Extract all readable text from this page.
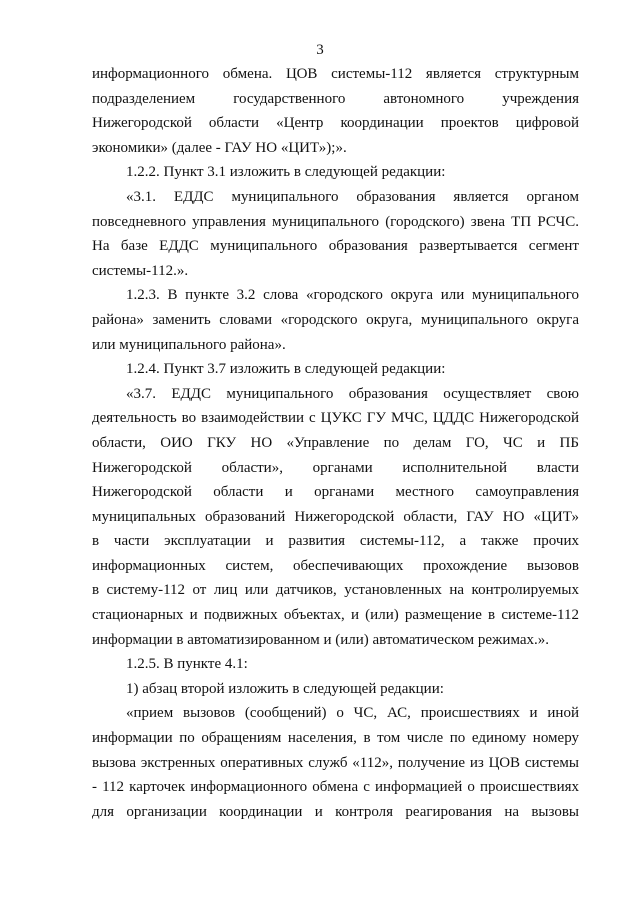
3
информационного обмена. ЦОВ системы-112 является структурным
подразделением государственного автономного учреждения
Нижегородской области «Центр координации проектов цифровой
экономики» (далее - ГАУ НО «ЦИТ»);».
1.2.2. Пункт 3.1 изложить в следующей редакции:
«3.1. ЕДДС муниципального образования является органом
повседневного управления муниципального (городского) звена ТП РСЧС.
На базе ЕДДС муниципального образования развертывается сегмент
системы-112.».
1.2.3. В пункте 3.2 слова «городского округа или муниципального
района» заменить словами «городского округа, муниципального округа
или муниципального района».
1.2.4. Пункт 3.7 изложить в следующей редакции:
«3.7. ЕДДС муниципального образования осуществляет свою
деятельность во взаимодействии с ЦУКС ГУ МЧС, ЦДДС Нижегородской
области, ОИО ГКУ НО «Управление по делам ГО, ЧС и ПБ
Нижегородской области», органами исполнительной власти
Нижегородской области и органами местного самоуправления
муниципальных образований Нижегородской области, ГАУ НО «ЦИТ»
в части эксплуатации и развития системы-112, а также прочих
информационных систем, обеспечивающих прохождение вызовов
в систему-112 от лиц или датчиков, установленных на контролируемых
стационарных и подвижных объектах, и (или) размещение в системе-112
информации в автоматизированном и (или) автоматическом режимах.».
1.2.5. В пункте 4.1:
1) абзац второй изложить в следующей редакции:
«прием вызовов (сообщений) о ЧС, АС, происшествиях и иной
информации по обращениям населения, в том числе по единому номеру
вызова экстренных оперативных служб «112», получение из ЦОВ системы
- 112 карточек информационного обмена с информацией о происшествиях
для организации координации и контроля реагирования на вызовы
